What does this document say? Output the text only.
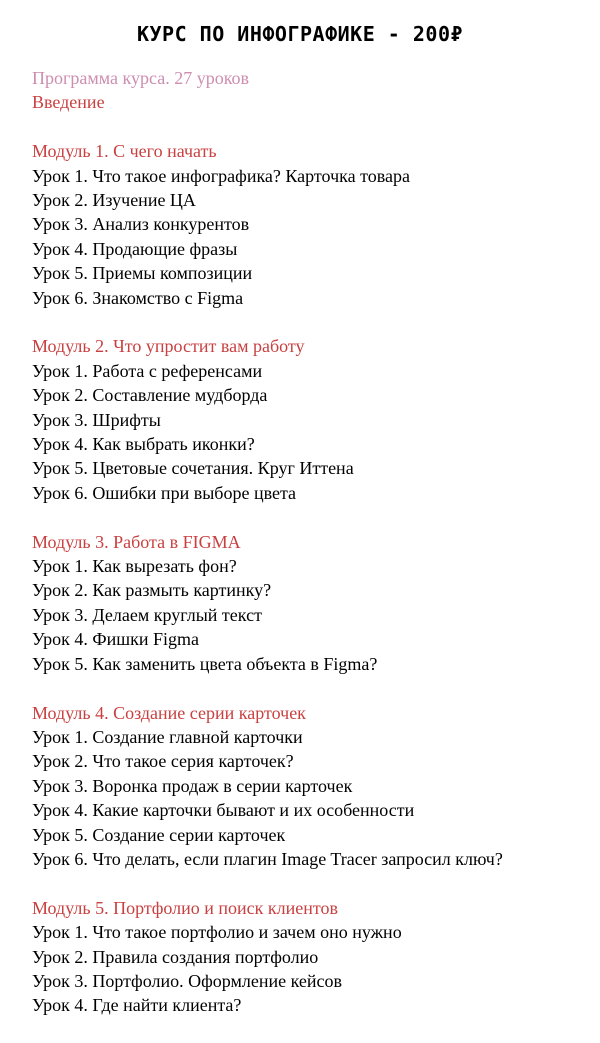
КУРС ПО ИНФОГРАФИКЕ - 200₽

Программа курса. 27 уроков

Введение

Модуль 1. С чего начать

Урок 1. Что такое инфографика? Карточка товара

Урок 2. Изучение ЦА

Урок 3. Анализ конкурентов

Урок 4. Продающие фразы

Урок 5. Приемы композиции

Урок 6. Знакомство с Figma

Модуль 2. Что упростит вам работу

Урок 1. Работа с референсами

Урок 2. Составление мудборда

Урок 3. Шрифты

Урок 4. Как выбрать иконки?

Урок 5. Цветовые сочетания. Круг Иттена

Урок 6. Ошибки при выборе цвета

Модуль 3. Работа в FIGMA

Урок 1. Как вырезать фон?

Урок 2. Как размыть картинку?

Урок 3. Делаем круглый текст

Урок 4. Фишки Figma

Урок 5. Как заменить цвета объекта в Figma?

Модуль 4. Создание серии карточек

Урок 1. Создание главной карточки

Урок 2. Что такое серия карточек?

Урок 3. Воронка продаж в серии карточек

Урок 4. Какие карточки бывают и их особенности

Урок 5. Создание серии карточек

Урок 6. Что делать, если плагин Image Tracer запросил ключ?

Модуль 5. Портфолио и поиск клиентов

Урок 1. Что такое портфолио и зачем оно нужно

Урок 2. Правила создания портфолио

Урок 3. Портфолио. Оформление кейсов

Урок 4. Где найти клиента?
